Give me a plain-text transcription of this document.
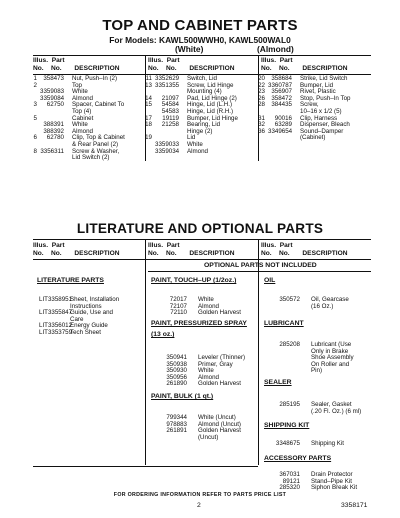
TOP AND CABINET PARTS
For Models: KAWL500WWH0, KAWL500WAL0
(White)	(Almond)
Illus. Part
No. No. DESCRIPTION
Illus. Part
No. No. DESCRIPTION
Illus. Part
No. No. DESCRIPTION
1	358473 Nut, Push–In (2)
2	Top
3359083 White
3359084 Almond
3	62750 Spacer, Cabinet To
Top (4)
5	Cabinet
388391 White
388392 Almond
6	62780 Clip, Top & Cabinet
& Rear Panel (2)
8 3356311 Screw & Washer,
Lid Switch (2)
11 3352629 Switch, Lid
13 3351355 Screw, Lid Hinge
Mounting (4)
14	21097 Pad, Lid Hinge (2)
15	54584 Hinge, Lid (L.H.)
54583 Hinge, Lid (R.H.)
17	19119 Bumper, Lid Hinge
18	21258 Bearing, Lid
Hinge (2)
19	Lid
3359033 White
3359034 Almond
20	358684 Strike, Lid Switch
22 3360787 Bumper, Lid
23	356907 Rivet, Plastic
26	358472 Stop, Push–In Top
28	384435 Screw,
10–16 x 1/2 (5)
31	90016 Clip, Harness
32	63289 Dispenser, Bleach
36 3349654 Sound–Damper
(Cabinet)
LITERATURE AND OPTIONAL PARTS
Illus. Part
No. No. DESCRIPTION
Illus. Part
No. No. DESCRIPTION
Illus. Part
No. No. DESCRIPTION
OPTIONAL PARTS NOT INCLUDED
LITERATURE PARTS
LIT3358951
Sheet, Installation
Instructions
LIT3355847
Guide, Use and
Care
LIT3356012
Energy Guide
LIT3353759
Tech Sheet
PAINT, TOUCH–UP (1/2oz.)
72017 White
72107 Almond
72110 Golden Harvest
PAINT, PRESSURIZED SPRAY
(13 oz.)
350941 Leveler (Thinner)
350938 Primer, Gray
350930 White
350956 Almond
261890 Golden Harvest
PAINT, BULK (1 qt.)
799344 White (Uncut)
978883 Almond (Uncut)
261891 Golden Harvest
(Uncut)
OIL
350572 Oil, Gearcase
(16 Oz.)
LUBRICANT
285208 Lubricant (Use
Only in Brake
Shoe Assembly
On Roller and
Pin)
SEALER
285195 Sealer, Gasket
(.20 Fl. Oz.) (6 ml)
SHIPPING KIT
3348675 Shipping Kit
ACCESSORY PARTS
367031 Drain Protector
89121 Stand–Pipe Kit
285320 Siphon Break Kit
FOR ORDERING INFORMATION REFER TO PARTS PRICE LIST
2	3358171
